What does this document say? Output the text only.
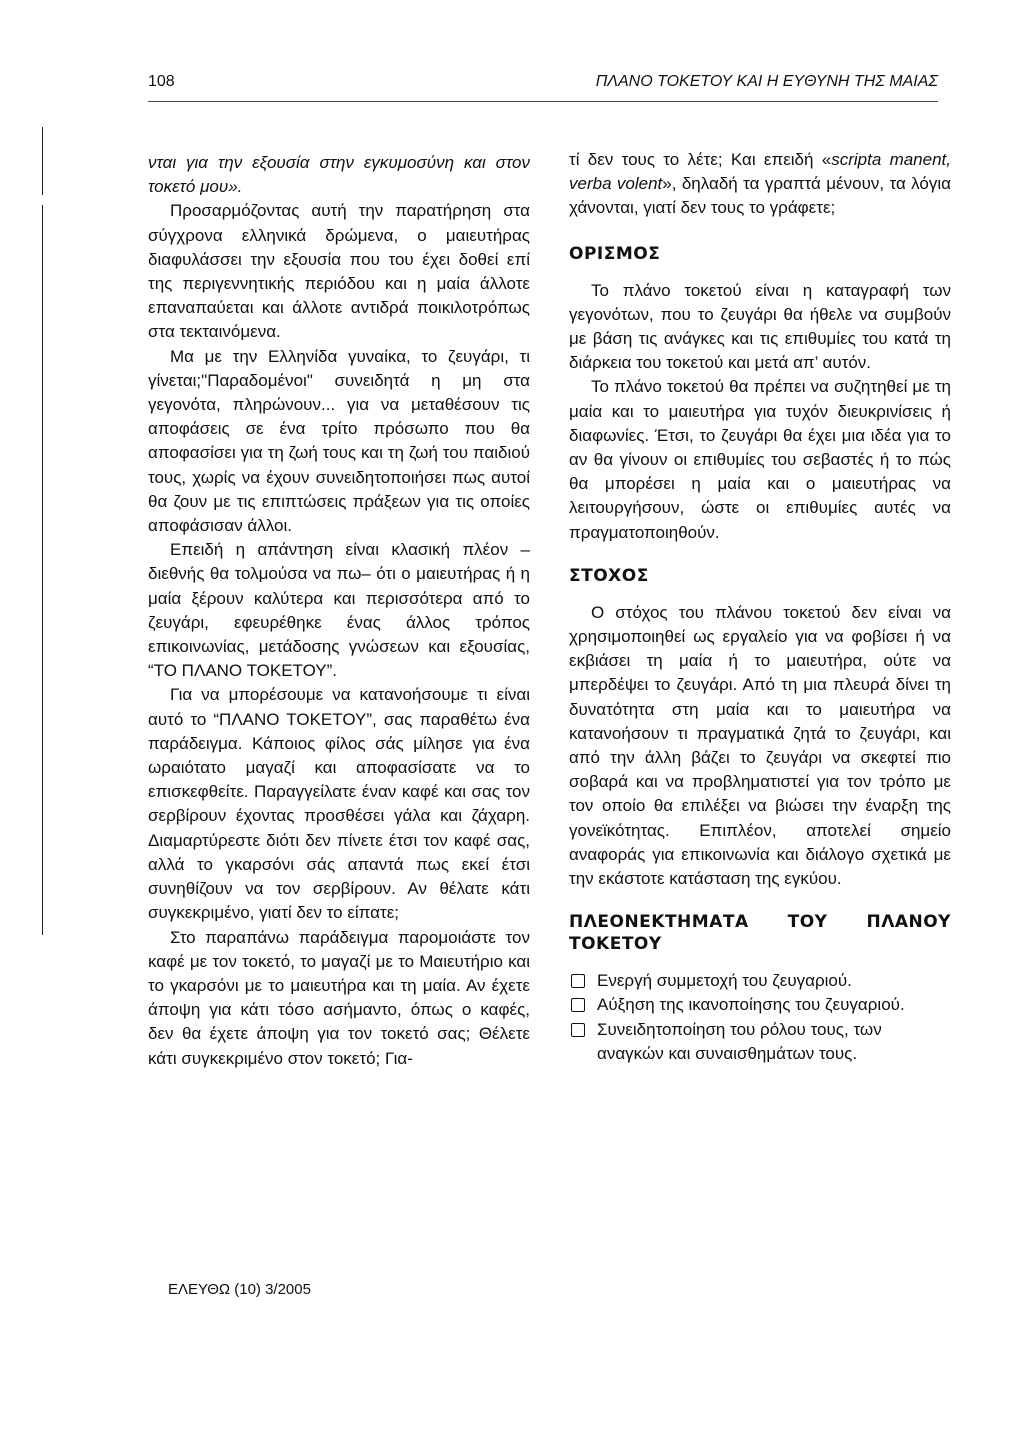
108	ΠΛΑΝΟ ΤΟΚΕΤΟΥ ΚΑΙ Η ΕΥΘΥΝΗ ΤΗΣ ΜΑΙΑΣ

νται για την εξουσία στην εγκυμοσύνη και στον τοκετό μου».

Προσαρμόζοντας αυτή την παρατήρηση στα σύγχρονα ελληνικά δρώμενα, ο μαιευτήρας διαφυλάσσει την εξουσία που του έχει δοθεί επί της περιγεννητικής περιόδου και η μαία άλλοτε επαναπαύεται και άλλοτε αντιδρά ποικιλοτρόπως στα τεκταινόμενα.

Μα με την Ελληνίδα γυναίκα, το ζευγάρι, τι γίνεται;"Παραδομένοι" συνειδητά η μη στα γεγονότα, πληρώνουν... για να μεταθέσουν τις αποφάσεις σε ένα τρίτο πρόσωπο που θα αποφασίσει για τη ζωή τους και τη ζωή του παιδιού τους, χωρίς να έχουν συνειδητοποιήσει πως αυτοί θα ζουν με τις επιπτώσεις πράξεων για τις οποίες αποφάσισαν άλλοι.

Επειδή η απάντηση είναι κλασική πλέον –διεθνής θα τολμούσα να πω– ότι ο μαιευτήρας ή η μαία ξέρουν καλύτερα και περισσότερα από το ζευγάρι, εφευρέθηκε ένας άλλος τρόπος επικοινωνίας, μετάδοσης γνώσεων και εξουσίας, “ΤΟ ΠΛΑΝΟ ΤΟΚΕΤΟΥ”.

Για να μπορέσουμε να κατανοήσουμε τι είναι αυτό το “ΠΛΑΝΟ ΤΟΚΕΤΟΥ”, σας παραθέτω ένα παράδειγμα. Κάποιος φίλος σάς μίλησε για ένα ωραιότατο μαγαζί και αποφασίσατε να το επισκεφθείτε. Παραγγείλατε έναν καφέ και σας τον σερβίρουν έχοντας προσθέσει γάλα και ζάχαρη. Διαμαρτύρεστε διότι δεν πίνετε έτσι τον καφέ σας, αλλά το γκαρσόνι σάς απαντά πως εκεί έτσι συνηθίζουν να τον σερβίρουν. Αν θέλατε κάτι συγκεκριμένο, γιατί δεν το είπατε;

Στο παραπάνω παράδειγμα παρομοιάστε τον καφέ με τον τοκετό, το μαγαζί με το Μαιευτήριο και το γκαρσόνι με το μαιευτήρα και τη μαία. Αν έχετε άποψη για κάτι τόσο ασήμαντο, όπως ο καφές, δεν θα έχετε άποψη για τον τοκετό σας; Θέλετε κάτι συγκεκριμένο στον τοκετό; Για-

τί δεν τους το λέτε; Και επειδή «scripta manent, verba volent», δηλαδή τα γραπτά μένουν, τα λόγια χάνονται, γιατί δεν τους το γράφετε;

ΟΡΙΣΜΟΣ

Το πλάνο τοκετού είναι η καταγραφή των γεγονότων, που το ζευγάρι θα ήθελε να συμβούν με βάση τις ανάγκες και τις επιθυμίες του κατά τη διάρκεια του τοκετού και μετά απ’ αυτόν.

Το πλάνο τοκετού θα πρέπει να συζητηθεί με τη μαία και το μαιευτήρα για τυχόν διευκρινίσεις ή διαφωνίες. Έτσι, το ζευγάρι θα έχει μια ιδέα για το αν θα γίνουν οι επιθυμίες του σεβαστές ή το πώς θα μπορέσει η μαία και ο μαιευτήρας να λειτουργήσουν, ώστε οι επιθυμίες αυτές να πραγματοποιηθούν.

ΣΤΟΧΟΣ

Ο στόχος του πλάνου τοκετού δεν είναι να χρησιμοποιηθεί ως εργαλείο για να φοβίσει ή να εκβιάσει τη μαία ή το μαιευτήρα, ούτε να μπερδέψει το ζευγάρι. Από τη μια πλευρά δίνει τη δυνατότητα στη μαία και το μαιευτήρα να κατανοήσουν τι πραγματικά ζητά το ζευγάρι, και από την άλλη βάζει το ζευγάρι να σκεφτεί πιο σοβαρά και να προβληματιστεί για τον τρόπο με τον οποίο θα επιλέξει να βιώσει την έναρξη της γονεϊκότητας. Επιπλέον, αποτελεί σημείο αναφοράς για επικοινωνία και διάλογο σχετικά με την εκάστοτε κατάσταση της εγκύου.

ΠΛΕΟΝΕΚΤΗΜΑΤΑ ΤΟΥ ΠΛΑΝΟΥ ΤΟΚΕΤΟΥ
Ενεργή συμμετοχή του ζευγαριού.
Αύξηση της ικανοποίησης του ζευγαριού.
Συνειδητοποίηση του ρόλου τους, των αναγκών και συναισθημάτων τους.
ΕΛΕΥΘΩ (10) 3/2005
